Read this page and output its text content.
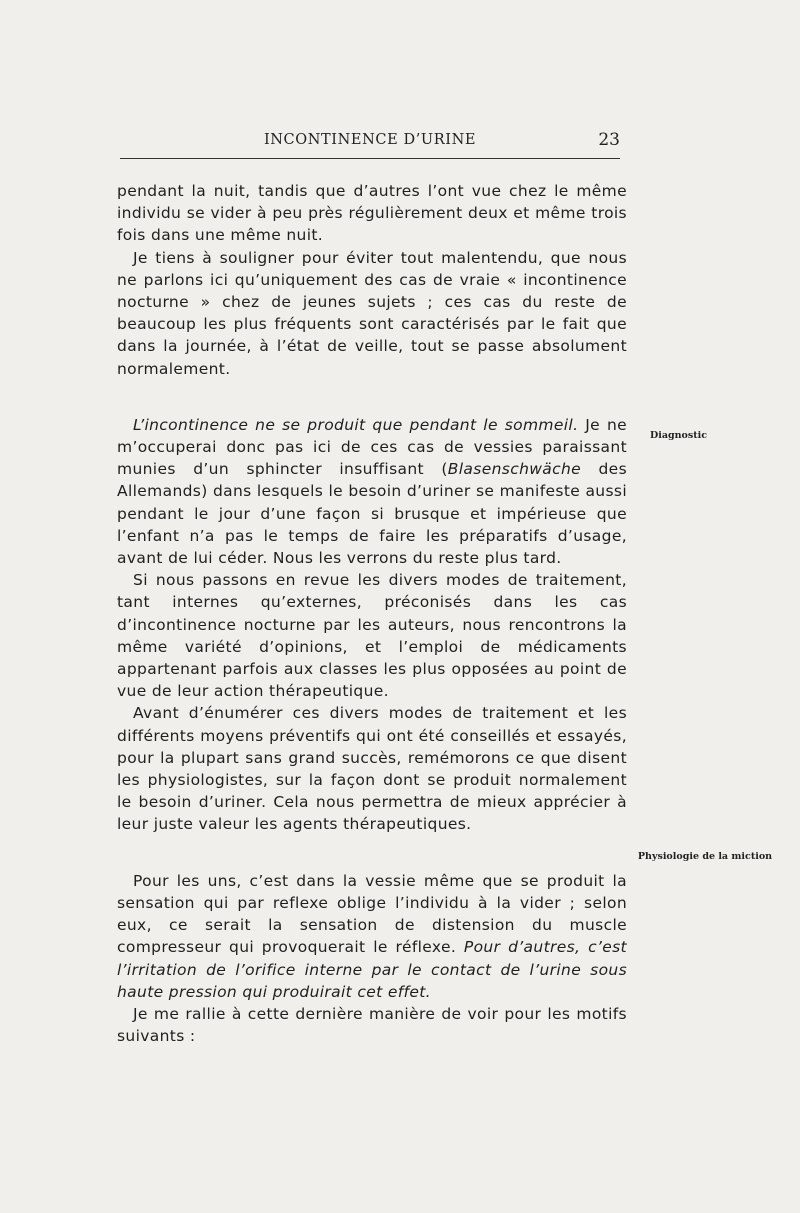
INCONTINENCE D’URINE	23

pendant la nuit, tandis que d’autres l’ont vue chez le même individu se vider à peu près régulièrement deux et même trois fois dans une même nuit.

Je tiens à souligner pour éviter tout malentendu, que nous ne parlons ici qu’uniquement des cas de vraie « incontinence nocturne » chez de jeunes sujets ; ces cas du reste de beaucoup les plus fréquents sont caractérisés par le fait que dans la journée, à l’état de veille, tout se passe absolument normalement.

L’incontinence ne se produit que pendant le sommeil. Je ne m’occuperai donc pas ici de ces cas de vessies paraissant munies d’un sphincter insuffisant (Blasenschwäche des Allemands) dans lesquels le besoin d’uriner se manifeste aussi pendant le jour d’une façon si brusque et impérieuse que l’enfant n’a pas le temps de faire les préparatifs d’usage, avant de lui céder. Nous les verrons du reste plus tard.

Si nous passons en revue les divers modes de traitement, tant internes qu’externes, préconisés dans les cas d’incontinence nocturne par les auteurs, nous rencontrons la même variété d’opinions, et l’emploi de médicaments appartenant parfois aux classes les plus opposées au point de vue de leur action thérapeutique.

Avant d’énumérer ces divers modes de traitement et les différents moyens préventifs qui ont été conseillés et essayés, pour la plupart sans grand succès, remémorons ce que disent les physiologistes, sur la façon dont se produit normalement le besoin d’uriner. Cela nous permettra de mieux apprécier à leur juste valeur les agents thérapeutiques.

Pour les uns, c’est dans la vessie même que se produit la sensation qui par reflexe oblige l’individu à la vider ; selon eux, ce serait la sensation de distension du muscle compresseur qui provoquerait le réflexe. Pour d’autres, c’est l’irritation de l’orifice interne par le contact de l’urine sous haute pression qui produirait cet effet.

Je me rallie à cette dernière manière de voir pour les motifs suivants :

Diagnostic
Physiologie de la miction
